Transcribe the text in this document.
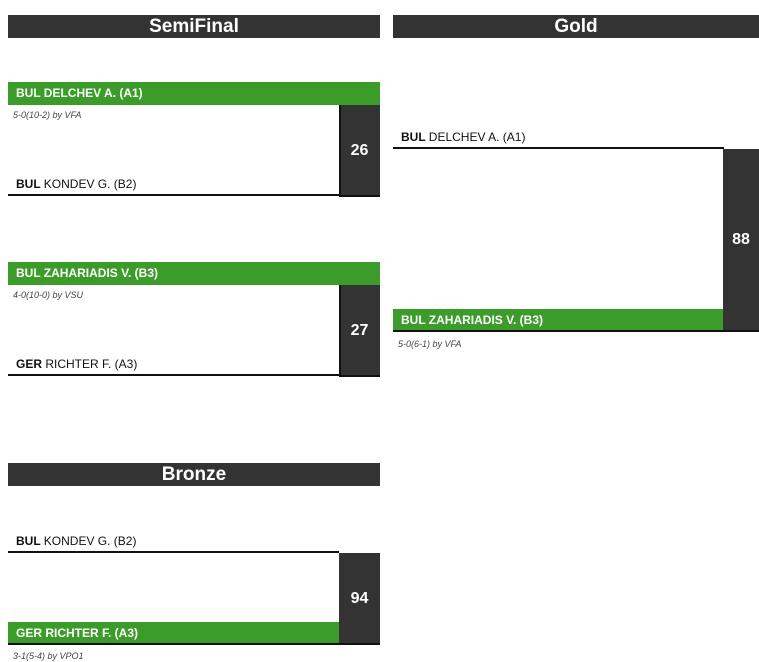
SemiFinal	Gold
Bronze
BUL DELCHEV A. (A1)
5-0(10-2) by VFA
26
BUL KONDEV G. (B2)
BUL ZAHARIADIS V. (B3)
4-0(10-0) by VSU
27
GER RICHTER F. (A3)
BUL DELCHEV A. (A1)
88
BUL ZAHARIADIS V. (B3)
5-0(6-1) by VFA
BUL KONDEV G. (B2)
94
GER RICHTER F. (A3)
3-1(5-4) by VPO1
